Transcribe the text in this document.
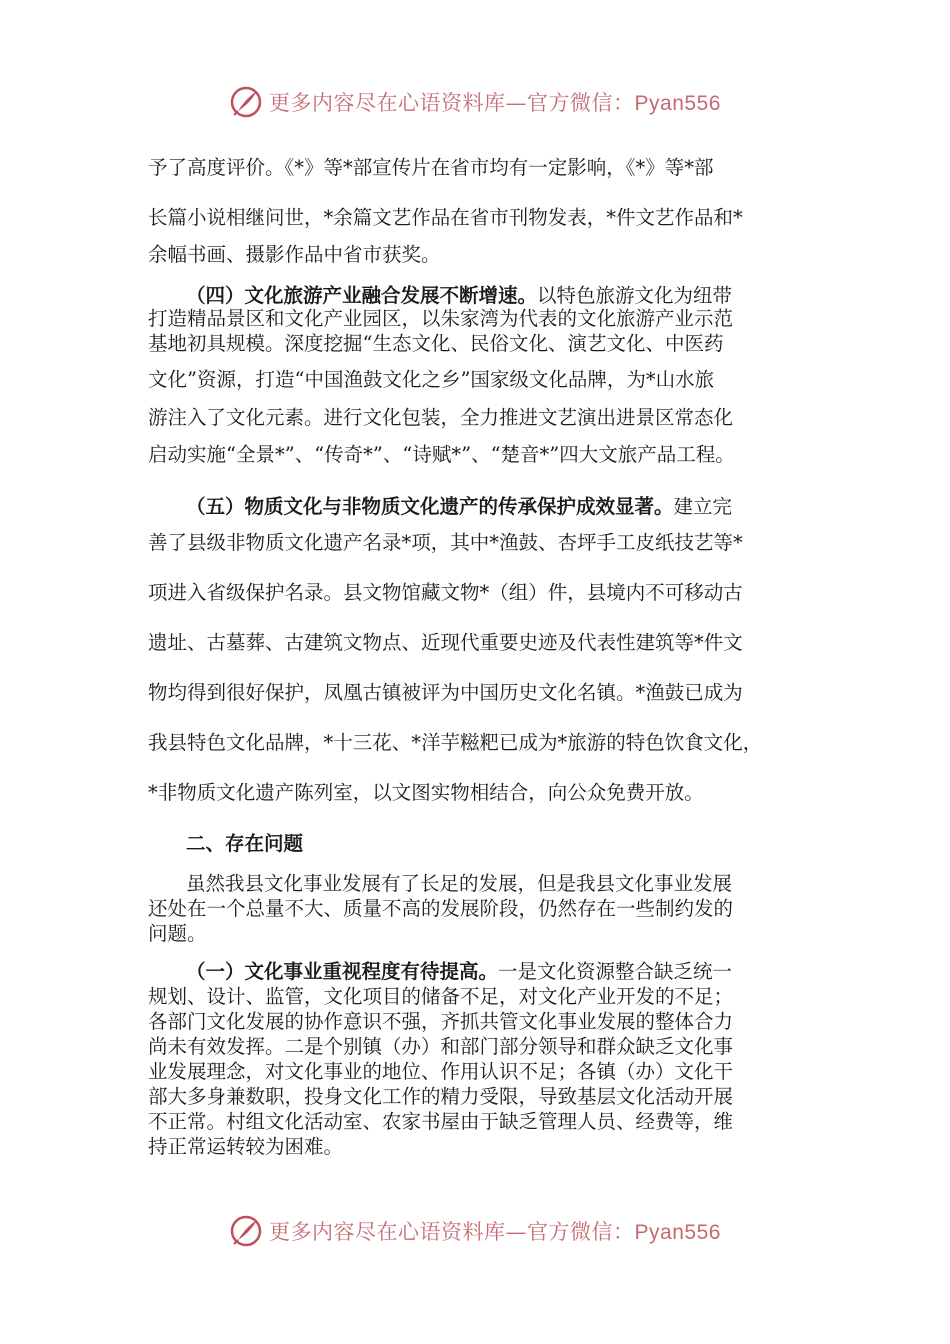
更多内容尽在心语资料库—官方微信：Pyan556
予了高度评价。《*》等*部宣传片在省市均有一定影响，《*》等*部
长篇小说相继问世，*余篇文艺作品在省市刊物发表，*件文艺作品和*
余幅书画、摄影作品中省市获奖。
（四）文化旅游产业融合发展不断增速。以特色旅游文化为纽带
打造精品景区和文化产业园区，以朱家湾为代表的文化旅游产业示范
基地初具规模。深度挖掘“生态文化、民俗文化、演艺文化、中医药
文化”资源，打造“中国渔鼓文化之乡”国家级文化品牌，为*山水旅
游注入了文化元素。进行文化包装，全力推进文艺演出进景区常态化
启动实施“全景*”、“传奇*”、“诗赋*”、“楚音*”四大文旅产品工程。
（五）物质文化与非物质文化遗产的传承保护成效显著。建立完
善了县级非物质文化遗产名录*项，其中*渔鼓、杏坪手工皮纸技艺等*
项进入省级保护名录。县文物馆藏文物*（组）件，县境内不可移动古
遗址、古墓葬、古建筑文物点、近现代重要史迹及代表性建筑等*件文
物均得到很好保护，凤凰古镇被评为中国历史文化名镇。*渔鼓已成为
我县特色文化品牌，*十三花、*洋芋糍粑已成为*旅游的特色饮食文化，
*非物质文化遗产陈列室，以文图实物相结合，向公众免费开放。
二、存在问题
虽然我县文化事业发展有了长足的发展，但是我县文化事业发展
还处在一个总量不大、质量不高的发展阶段，仍然存在一些制约发的
问题。
（一）文化事业重视程度有待提高。一是文化资源整合缺乏统一
规划、设计、监管，文化项目的储备不足，对文化产业开发的不足；
各部门文化发展的协作意识不强，齐抓共管文化事业发展的整体合力
尚未有效发挥。二是个别镇（办）和部门部分领导和群众缺乏文化事
业发展理念，对文化事业的地位、作用认识不足；各镇（办）文化干
部大多身兼数职，投身文化工作的精力受限，导致基层文化活动开展
不正常。村组文化活动室、农家书屋由于缺乏管理人员、经费等，维
持正常运转较为困难。
更多内容尽在心语资料库—官方微信：Pyan556
